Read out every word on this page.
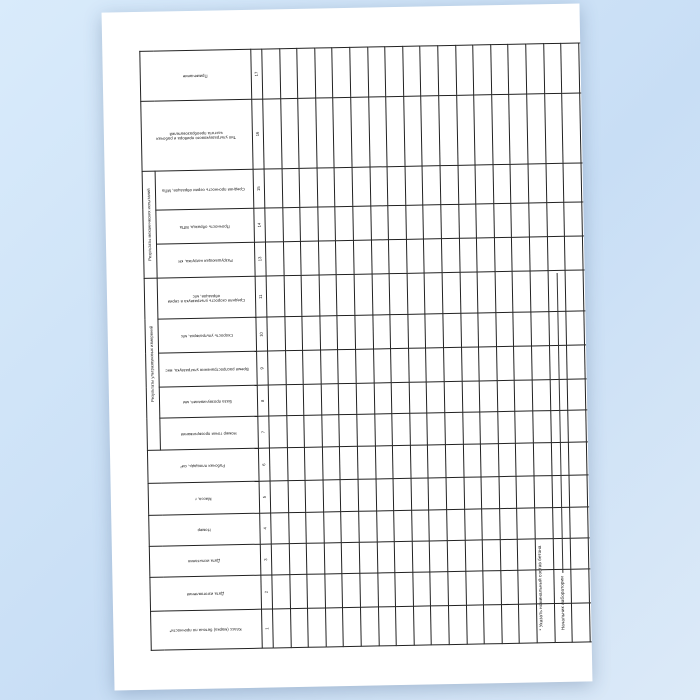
Класс (марка) бетона по прочности*	Дата изготовления	Дата испытания	Номер	Масса, г	Рабочая площадь, см²	Результаты ультразвуковых измерений					Результаты механических испытаний			Тип ультразвукового прибора и рабочая частота преобразователей	Примечание
						Номер точки прозвучивания	База прозвучивания, мм	Время распространения ультразвука, мкс	Скорость ультразвука, м/с	Средняя скорость ультразвука в серии образцов, м/с	Разрушающая нагрузка, кН	Прочность образца, МПа	Средняя прочность серии образцов, МПа		
1	2	3	4	5	6	7	8	9	10	11	13	14	15	16	17

* Указать номинальный состав бетона
	Начальник лаборатории
